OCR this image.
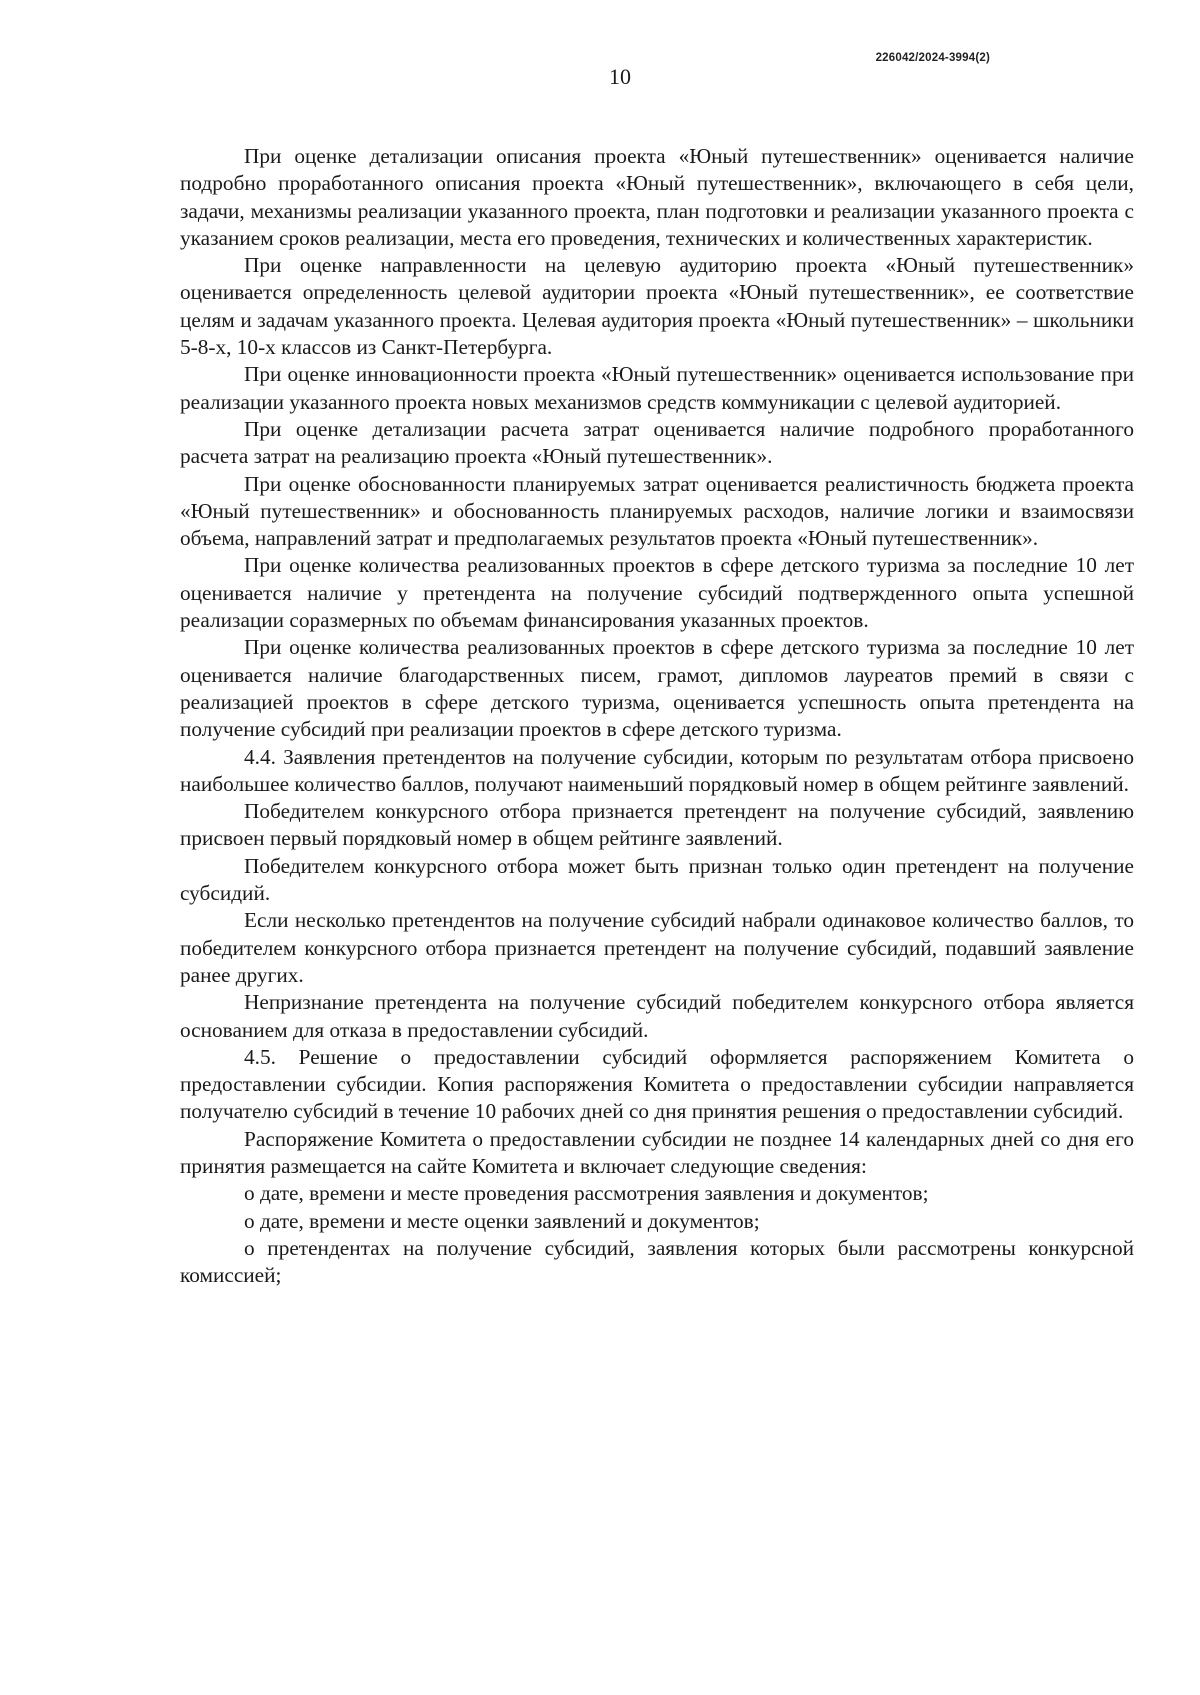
226042/2024-3994(2)
10

При оценке детализации описания проекта «Юный путешественник» оценивается наличие подробно проработанного описания проекта «Юный путешественник», включающего в себя цели, задачи, механизмы реализации указанного проекта, план подготовки и реализации указанного проекта с указанием сроков реализации, места его проведения, технических и количественных характеристик.

При оценке направленности на целевую аудиторию проекта «Юный путешественник» оценивается определенность целевой аудитории проекта «Юный путешественник», ее соответствие целям и задачам указанного проекта. Целевая аудитория проекта «Юный путешественник» – школьники 5-8-х, 10-х классов из Санкт-Петербурга.

При оценке инновационности проекта «Юный путешественник» оценивается использование при реализации указанного проекта новых механизмов средств коммуникации с целевой аудиторией.

При оценке детализации расчета затрат оценивается наличие подробного проработанного расчета затрат на реализацию проекта «Юный путешественник».

При оценке обоснованности планируемых затрат оценивается реалистичность бюджета проекта «Юный путешественник» и обоснованность планируемых расходов, наличие логики и взаимосвязи объема, направлений затрат и предполагаемых результатов проекта «Юный путешественник».

При оценке количества реализованных проектов в сфере детского туризма за последние 10 лет оценивается наличие у претендента на получение субсидий подтвержденного опыта успешной реализации соразмерных по объемам финансирования указанных проектов.

При оценке количества реализованных проектов в сфере детского туризма за последние 10 лет оценивается наличие благодарственных писем, грамот, дипломов лауреатов премий в связи с реализацией проектов в сфере детского туризма, оценивается успешность опыта претендента на получение субсидий при реализации проектов в сфере детского туризма.

4.4. Заявления претендентов на получение субсидии, которым по результатам отбора присвоено наибольшее количество баллов, получают наименьший порядковый номер в общем рейтинге заявлений.

Победителем конкурсного отбора признается претендент на получение субсидий, заявлению присвоен первый порядковый номер в общем рейтинге заявлений.

Победителем конкурсного отбора может быть признан только один претендент на получение субсидий.

Если несколько претендентов на получение субсидий набрали одинаковое количество баллов, то победителем конкурсного отбора признается претендент на получение субсидий, подавший заявление ранее других.

Непризнание претендента на получение субсидий победителем конкурсного отбора является основанием для отказа в предоставлении субсидий.

4.5. Решение о предоставлении субсидий оформляется распоряжением Комитета о предоставлении субсидии. Копия распоряжения Комитета о предоставлении субсидии направляется получателю субсидий в течение 10 рабочих дней со дня принятия решения о предоставлении субсидий.

Распоряжение Комитета о предоставлении субсидии не позднее 14 календарных дней со дня его принятия размещается на сайте Комитета и включает следующие сведения:

о дате, времени и месте проведения рассмотрения заявления и документов;

о дате, времени и месте оценки заявлений и документов;

о претендентах на получение субсидий, заявления которых были рассмотрены конкурсной комиссией;
